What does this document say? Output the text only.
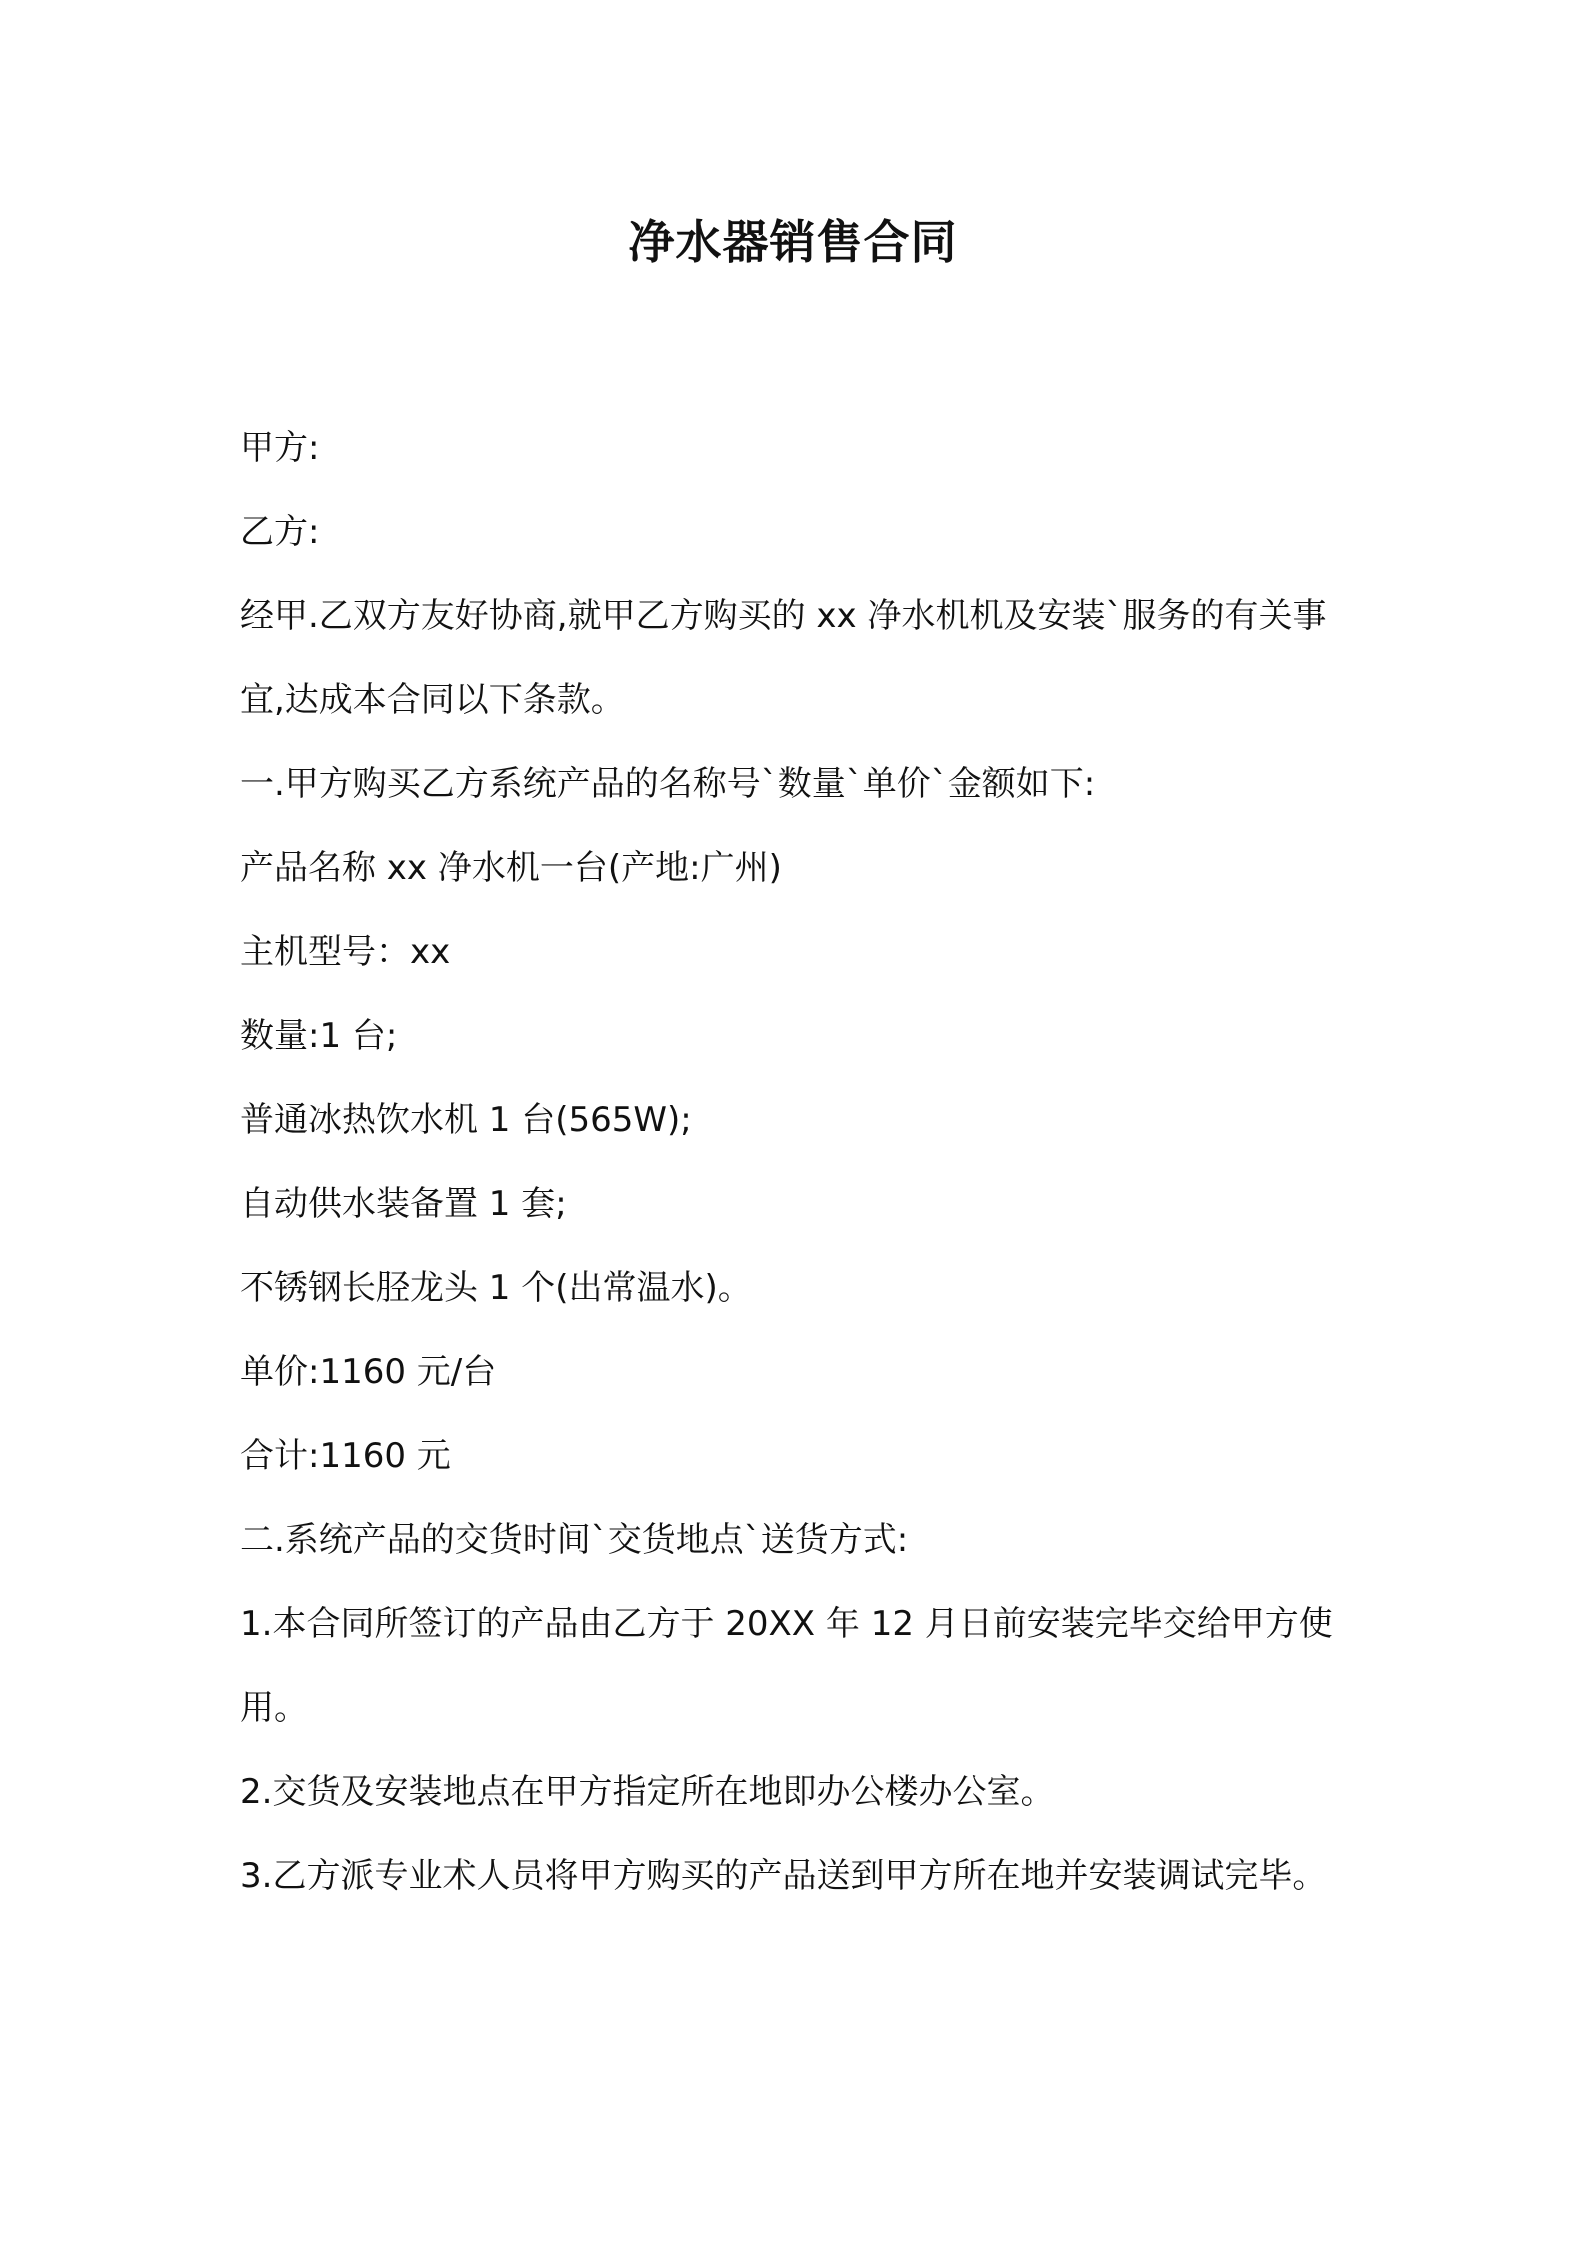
净水器销售合同

甲方:

乙方:

经甲.乙双方友好协商,就甲乙方购买的 xx 净水机机及安装`服务的有关事宜,达成本合同以下条款。

一.甲方购买乙方系统产品的名称号`数量`单价`金额如下:

产品名称 xx 净水机一台(产地:广州)

主机型号：xx

数量:1 台;

普通冰热饮水机 1 台(565W);

自动供水装备置 1 套;

不锈钢长胫龙头 1 个(出常温水)。

单价:1160 元/台

合计:1160 元

二.系统产品的交货时间`交货地点`送货方式:

1.本合同所签订的产品由乙方于 20XX 年 12 月日前安装完毕交给甲方使用。

2.交货及安装地点在甲方指定所在地即办公楼办公室。

3.乙方派专业术人员将甲方购买的产品送到甲方所在地并安装调试完毕。
